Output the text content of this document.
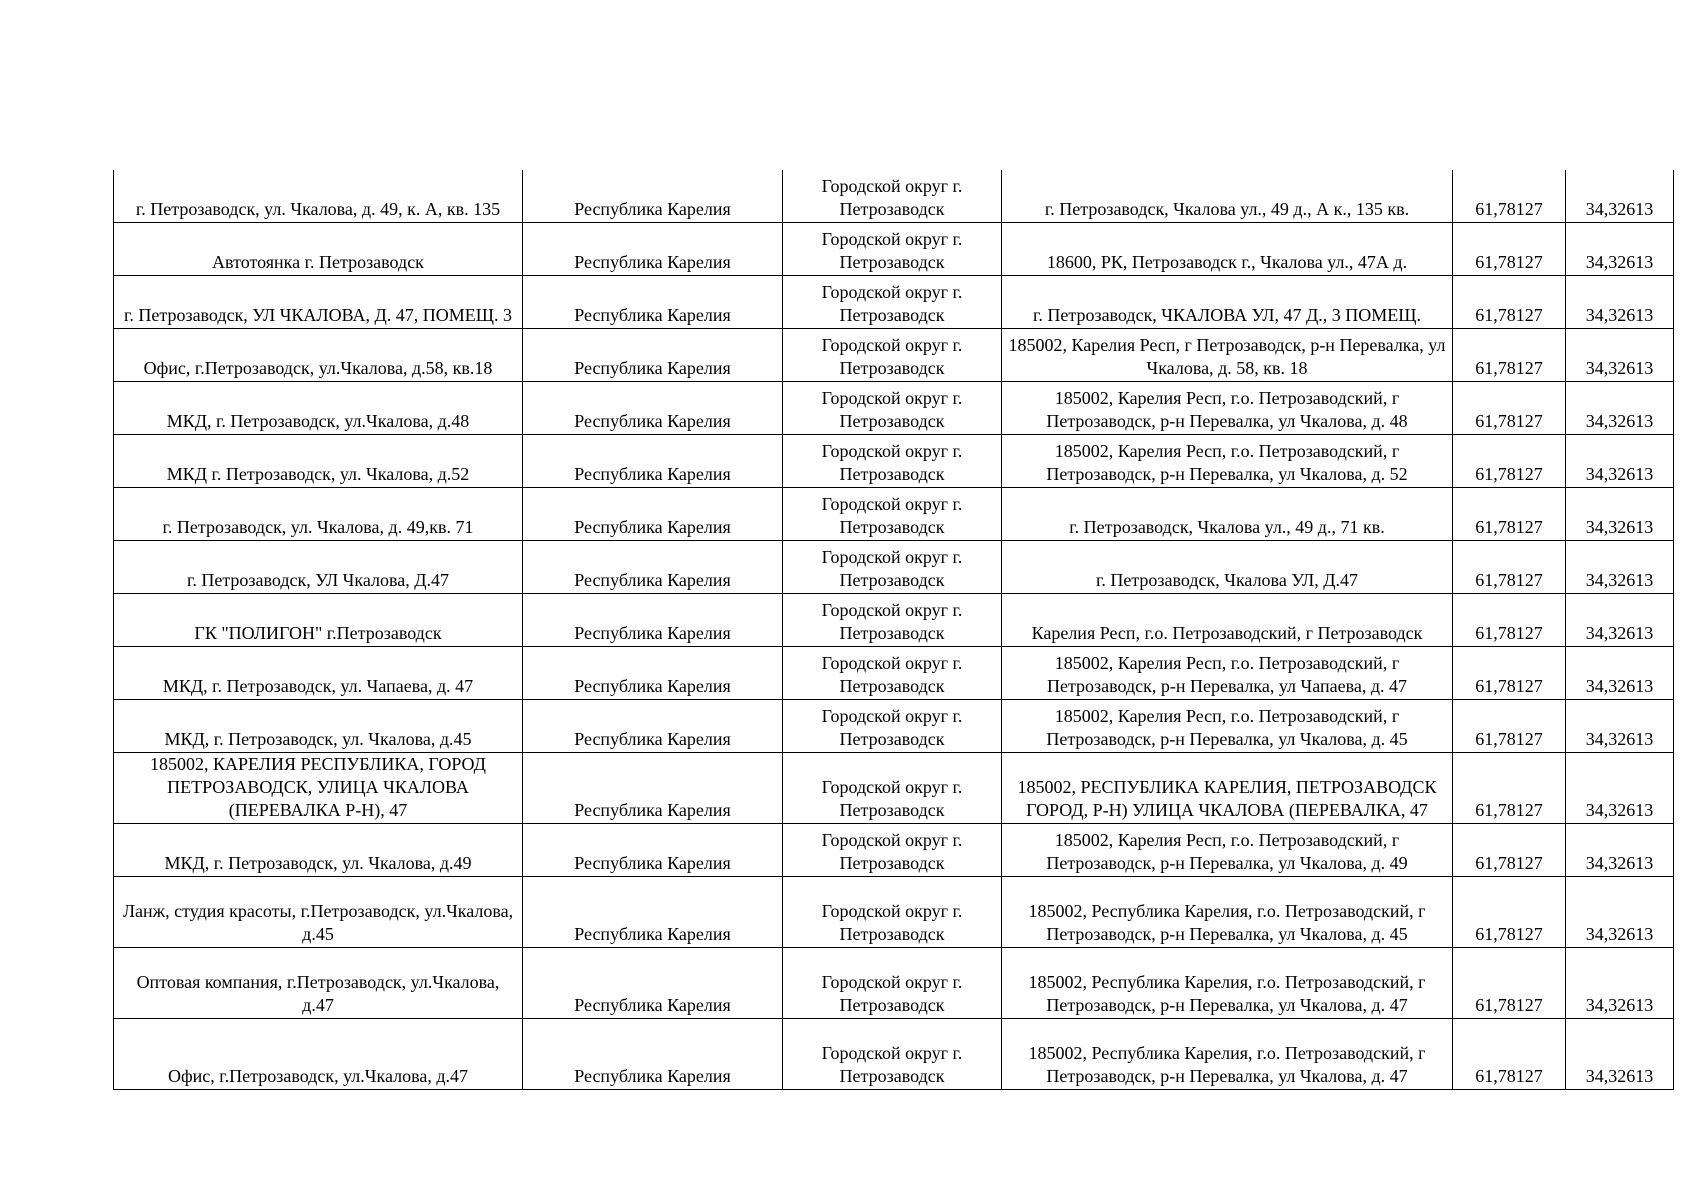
г. Петрозаводск, ул. Чкалова, д. 49, к. А, кв. 135	Республика Карелия	Городской округ г. Петрозаводск	г. Петрозаводск, Чкалова ул., 49 д., А к., 135 кв.	61,78127	34,32613
Автотоянка г. Петрозаводск	Республика Карелия	Городской округ г. Петрозаводск	18600, РК, Петрозаводск г., Чкалова ул., 47А д.	61,78127	34,32613
г. Петрозаводск, УЛ ЧКАЛОВА, Д. 47, ПОМЕЩ. 3	Республика Карелия	Городской округ г. Петрозаводск	г. Петрозаводск, ЧКАЛОВА УЛ, 47 Д., 3 ПОМЕЩ.	61,78127	34,32613
Офис, г.Петрозаводск, ул.Чкалова, д.58, кв.18	Республика Карелия	Городской округ г. Петрозаводск	185002, Карелия Респ, г Петрозаводск, р-н Перевалка, ул Чкалова, д. 58, кв. 18	61,78127	34,32613
МКД, г. Петрозаводск, ул.Чкалова, д.48	Республика Карелия	Городской округ г. Петрозаводск	185002, Карелия Респ, г.о. Петрозаводский, г Петрозаводск, р-н Перевалка, ул Чкалова, д. 48	61,78127	34,32613
МКД г. Петрозаводск, ул. Чкалова, д.52	Республика Карелия	Городской округ г. Петрозаводск	185002, Карелия Респ, г.о. Петрозаводский, г Петрозаводск, р-н Перевалка, ул Чкалова, д. 52	61,78127	34,32613
г. Петрозаводск, ул. Чкалова, д. 49,кв. 71	Республика Карелия	Городской округ г. Петрозаводск	г. Петрозаводск, Чкалова ул., 49 д., 71 кв.	61,78127	34,32613
г. Петрозаводск, УЛ Чкалова, Д.47	Республика Карелия	Городской округ г. Петрозаводск	г. Петрозаводск, Чкалова УЛ, Д.47	61,78127	34,32613
ГК "ПОЛИГОН" г.Петрозаводск	Республика Карелия	Городской округ г. Петрозаводск	Карелия Респ, г.о. Петрозаводский, г Петрозаводск	61,78127	34,32613
МКД, г. Петрозаводск, ул. Чапаева, д. 47	Республика Карелия	Городской округ г. Петрозаводск	185002, Карелия Респ, г.о. Петрозаводский, г Петрозаводск, р-н Перевалка, ул Чапаева, д. 47	61,78127	34,32613
МКД, г. Петрозаводск, ул. Чкалова, д.45	Республика Карелия	Городской округ г. Петрозаводск	185002, Карелия Респ, г.о. Петрозаводский, г Петрозаводск, р-н Перевалка, ул Чкалова, д. 45	61,78127	34,32613
185002, КАРЕЛИЯ РЕСПУБЛИКА, ГОРОД ПЕТРОЗАВОДСК, УЛИЦА ЧКАЛОВА (ПЕРЕВАЛКА Р-Н), 47	Республика Карелия	Городской округ г. Петрозаводск	185002, РЕСПУБЛИКА КАРЕЛИЯ, ПЕТРОЗАВОДСК ГОРОД, Р-Н) УЛИЦА ЧКАЛОВА (ПЕРЕВАЛКА, 47	61,78127	34,32613
МКД, г. Петрозаводск, ул. Чкалова, д.49	Республика Карелия	Городской округ г. Петрозаводск	185002, Карелия Респ, г.о. Петрозаводский, г Петрозаводск, р-н Перевалка, ул Чкалова, д. 49	61,78127	34,32613
Ланж, студия красоты, г.Петрозаводск, ул.Чкалова, д.45	Республика Карелия	Городской округ г. Петрозаводск	185002, Республика Карелия, г.о. Петрозаводский, г Петрозаводск, р-н Перевалка, ул Чкалова, д. 45	61,78127	34,32613
Оптовая компания, г.Петрозаводск, ул.Чкалова, д.47	Республика Карелия	Городской округ г. Петрозаводск	185002, Республика Карелия, г.о. Петрозаводский, г Петрозаводск, р-н Перевалка, ул Чкалова, д. 47	61,78127	34,32613
Офис, г.Петрозаводск, ул.Чкалова, д.47	Республика Карелия	Городской округ г. Петрозаводск	185002, Республика Карелия, г.о. Петрозаводский, г Петрозаводск, р-н Перевалка, ул Чкалова, д. 47	61,78127	34,32613
